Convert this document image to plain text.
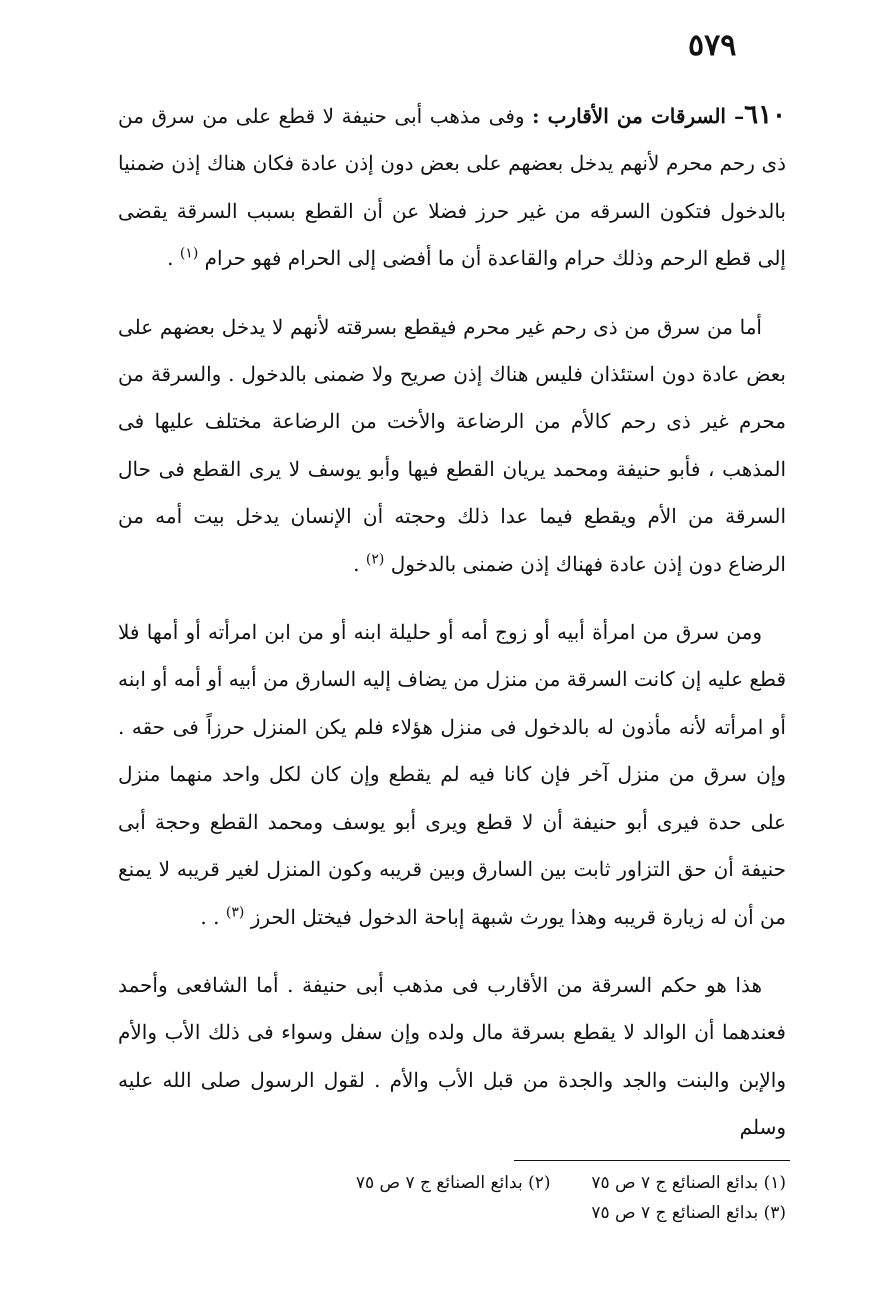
٥٧٩

٦١٠– السرقات من الأقارب : وفى مذهب أبى حنيفة لا قطع على من سرق من ذى رحم محرم لأنهم يدخل بعضهم على بعض دون إذن عادة فكان هناك إذن ضمنيا بالدخول فتكون السرقه من غير حرز فضلا عن أن القطع بسبب السرقة يقضى إلى قطع الرحم وذلك حرام والقاعدة أن ما أفضى إلى الحرام فهو حرام $^{(١)}$ .

أما من سرق من ذى رحم غير محرم فيقطع بسرقته لأنهم لا يدخل بعضهم على بعض عادة دون استئذان فليس هناك إذن صريح ولا ضمنى بالدخول . والسرقة من محرم غير ذى رحم كالأم من الرضاعة والأخت من الرضاعة مختلف عليها فى المذهب ، فأبو حنيفة ومحمد يريان القطع فيها وأبو يوسف لا يرى القطع فى حال السرقة من الأم ويقطع فيما عدا ذلك وحجته أن الإنسان يدخل بيت أمه من الرضاع دون إذن عادة فهناك إذن ضمنى بالدخول $^{(٢)}$ .

ومن سرق من امرأة أبيه أو زوج أمه أو حليلة ابنه أو من ابن امرأته أو أمها فلا قطع عليه إن كانت السرقة من منزل من يضاف إليه السارق من أبيه أو أمه أو ابنه أو امرأته لأنه مأذون له بالدخول فى منزل هؤلاء فلم يكن المنزل حرزاً فى حقه . وإن سرق من منزل آخر فإن كانا فيه لم يقطع وإن كان لكل واحد منهما منزل على حدة فيرى أبو حنيفة أن لا قطع ويرى أبو يوسف ومحمد القطع وحجة أبى حنيفة أن حق التزاور ثابت بين السارق وبين قريبه وكون المنزل لغير قريبه لا يمنع من أن له زيارة قريبه وهذا يورث شبهة إباحة الدخول فيختل الحرز $^{(٣)}$ . .

هذا هو حكم السرقة من الأقارب فى مذهب أبى حنيفة . أما الشافعى وأحمد فعندهما أن الوالد لا يقطع بسرقة مال ولده وإن سفل وسواء فى ذلك الأب والأم والإبن والبنت والجد والجدة من قبل الأب والأم . لقول الرسول صلى الله عليه وسلم

(١) بدائع الصنائع ج ٧ ص ٧٥  (٢) بدائع الصنائع ج ٧ ص ٧٥
(٣) بدائع الصنائع ج ٧ ص ٧٥
